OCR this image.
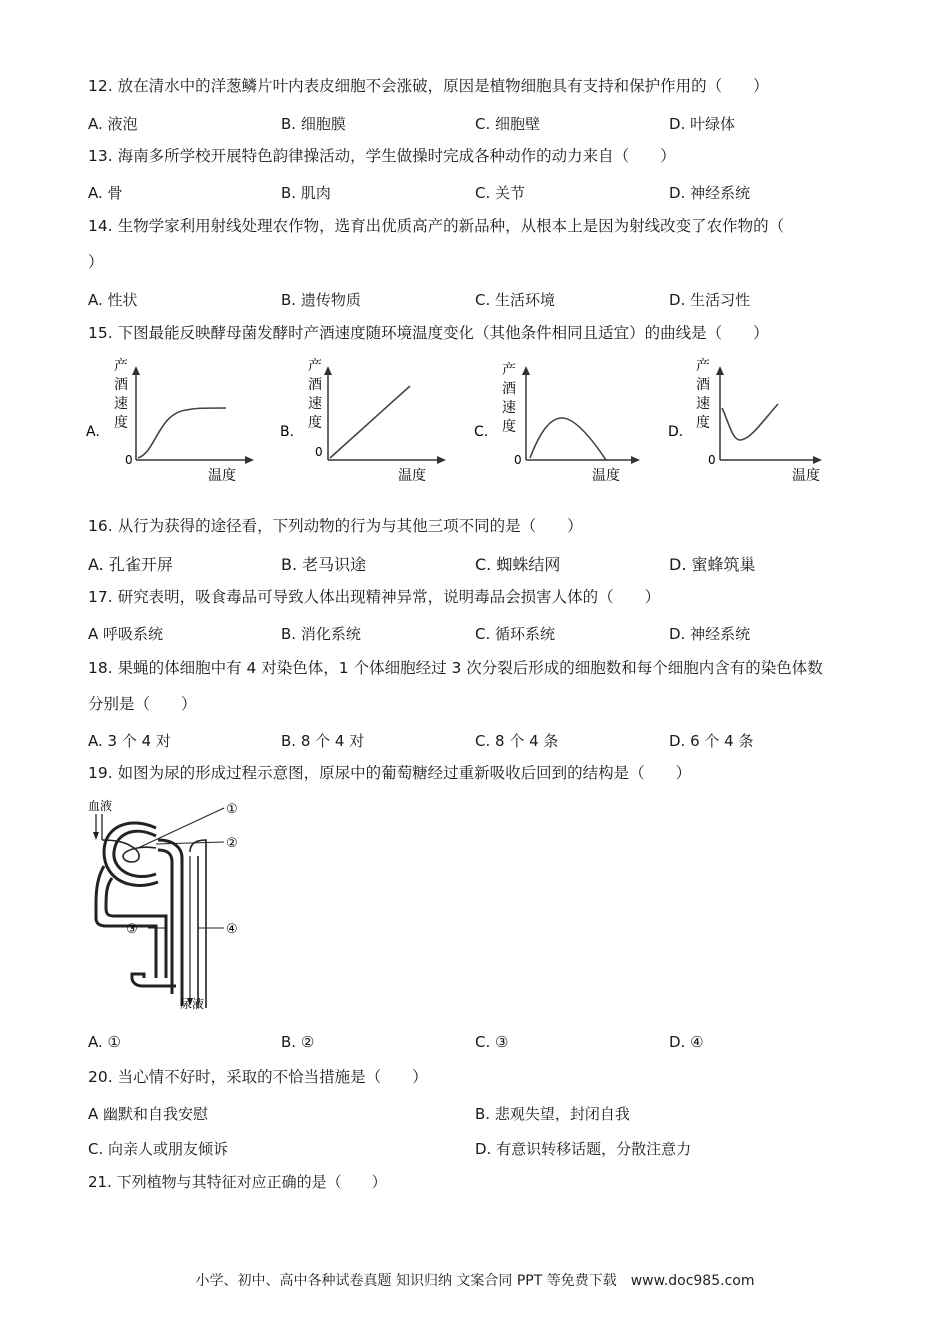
12. 放在清水中的洋葱鳞片叶内表皮细胞不会涨破，原因是植物细胞具有支持和保护作用的（　　）
A. 液泡	B. 细胞膜	C. 细胞壁	D. 叶绿体
13. 海南多所学校开展特色韵律操活动，学生做操时完成各种动作的动力来自（　　）
A. 骨	B. 肌肉	C. 关节	D. 神经系统
14. 生物学家利用射线处理农作物，选育出优质高产的新品种，从根本上是因为射线改变了农作物的（
）
A. 性状	B. 遗传物质	C. 生活环境	D. 生活习性
15. 下图最能反映酵母菌发酵时产酒速度随环境温度变化（其他条件相同且适宜）的曲线是（　　）
A.
产
酒
速
度
0
温度
B.
产
酒
速
度
0
温度
C.
产
酒
速
度
0
温度
D.
产
酒
速
度
0
温度
16. 从行为获得的途径看，下列动物的行为与其他三项不同的是（　　）
A. 孔雀开屏	B. 老马识途	C. 蜘蛛结网	D. 蜜蜂筑巢
17. 研究表明，吸食毒品可导致人体出现精神异常，说明毒品会损害人体的（　　）
A 呼吸系统	B. 消化系统	C. 循环系统	D. 神经系统
18. 果蝇的体细胞中有 4 对染色体，1 个体细胞经过 3 次分裂后形成的细胞数和每个细胞内含有的染色体数
分别是（　　）
A. 3 个 4 对	B. 8 个 4 对	C. 8 个 4 条	D. 6 个 4 条
19. 如图为尿的形成过程示意图，原尿中的葡萄糖经过重新吸收后回到的结构是（　　）
血液	①
②
③	④
尿液
A. ①	B. ②	C. ③	D. ④
20. 当心情不好时，采取的不恰当措施是（　　）
A 幽默和自我安慰	B. 悲观失望，封闭自我
C. 向亲人或朋友倾诉	D. 有意识转移话题，分散注意力
21. 下列植物与其特征对应正确的是（　　）
小学、初中、高中各种试卷真题 知识归纳 文案合同 PPT 等免费下载　www.doc985.com
